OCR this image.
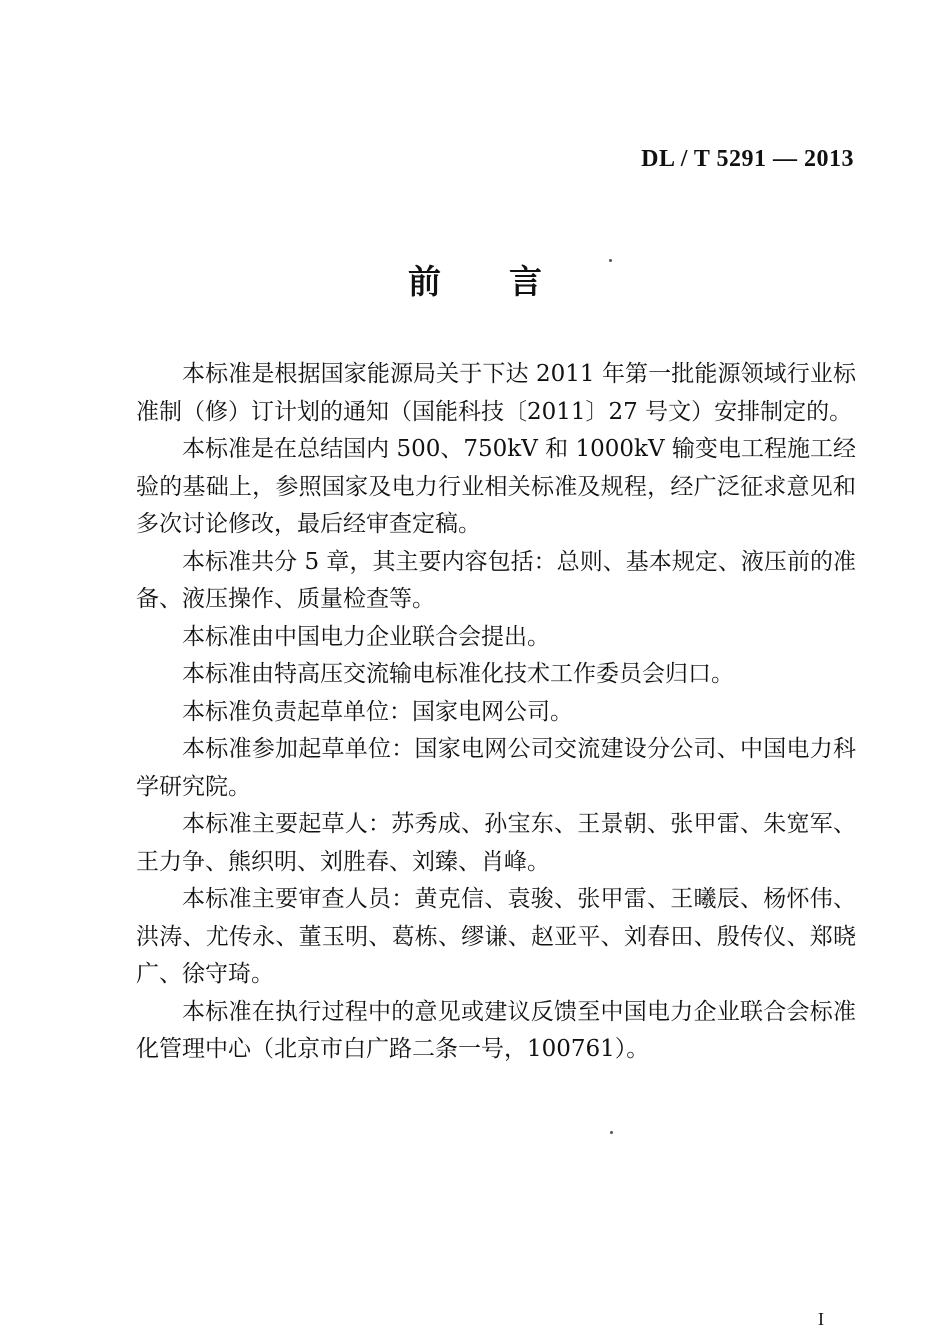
DL / T 5291 — 2013
前言

本标准是根据国家能源局关于下达 2011 年第一批能源领域行业标准制（修）订计划的通知（国能科技〔2011〕27 号文）安排制定的。

本标准是在总结国内 500、750kV 和 1000kV 输变电工程施工经验的基础上，参照国家及电力行业相关标准及规程，经广泛征求意见和多次讨论修改，最后经审查定稿。

本标准共分 5 章，其主要内容包括：总则、基本规定、液压前的准备、液压操作、质量检查等。

本标准由中国电力企业联合会提出。

本标准由特高压交流输电标准化技术工作委员会归口。

本标准负责起草单位：国家电网公司。

本标准参加起草单位：国家电网公司交流建设分公司、中国电力科学研究院。

本标准主要起草人：苏秀成、孙宝东、王景朝、张甲雷、朱宽军、王力争、熊织明、刘胜春、刘臻、肖峰。

本标准主要审查人员：黄克信、袁骏、张甲雷、王曦辰、杨怀伟、洪涛、尤传永、董玉明、葛栋、缪谦、赵亚平、刘春田、殷传仪、郑晓广、徐守琦。

本标准在执行过程中的意见或建议反馈至中国电力企业联合会标准化管理中心（北京市白广路二条一号，100761）。

I
